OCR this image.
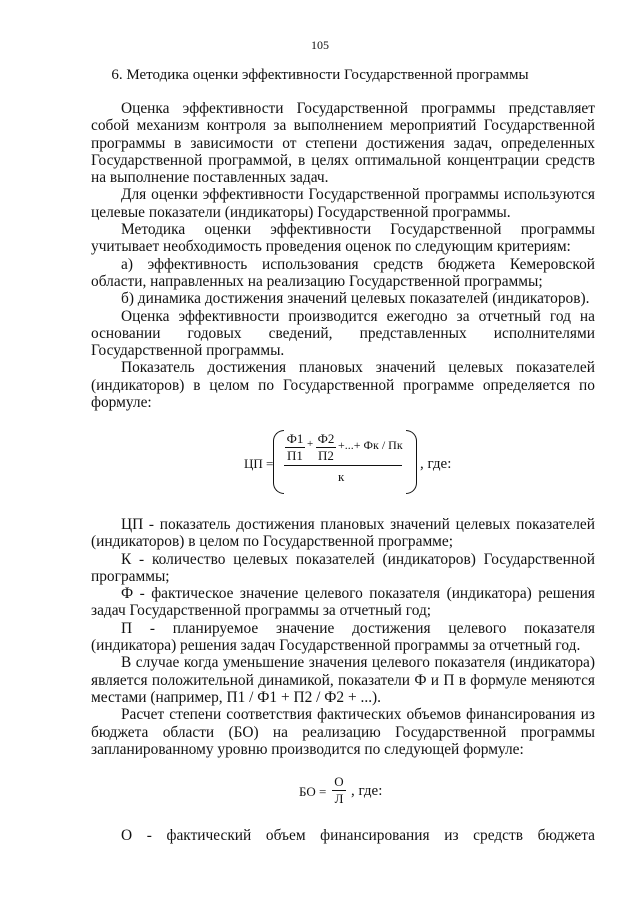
105
6. Методика оценки эффективности Государственной программы

Оценка эффективности Государственной программы представляет собой механизм контроля за выполнением мероприятий Государственной программы в зависимости от степени достижения задач, определенных Государственной программой, в целях оптимальной концентрации средств на выполнение поставленных задач.

Для оценки эффективности Государственной программы используются целевые показатели (индикаторы) Государственной программы.

Методика оценки эффективности Государственной программы учитывает необходимость проведения оценок по следующим критериям:

а) эффективность использования средств бюджета Кемеровской области, направленных на реализацию Государственной программы;

б) динамика достижения значений целевых показателей (индикаторов).

Оценка эффективности производится ежегодно за отчетный год на основании годовых сведений, представленных исполнителями Государственной программы.

Показатель достижения плановых значений целевых показателей (индикаторов) в целом по Государственной программе определяется по формуле:

ЦП =
Ф1
П1
+ Ф2
П2
+...+ Фк / Пк
к
, где:

ЦП - показатель достижения плановых значений целевых показателей (индикаторов) в целом по Государственной программе;

К - количество целевых показателей (индикаторов) Государственной программы;

Ф - фактическое значение целевого показателя (индикатора) решения задач Государственной программы за отчетный год;

П - планируемое значение достижения целевого показателя (индикатора) решения задач Государственной программы за отчетный год.

В случае когда уменьшение значения целевого показателя (индикатора) является положительной динамикой, показатели Ф и П в формуле меняются местами (например, П1 / Ф1 + П2 / Ф2 + ...).

Расчет степени соответствия фактических объемов финансирования из бюджета области (БО) на реализацию Государственной программы запланированному уровню производится по следующей формуле:

БО =
О
Л , где:
О - фактический объем финансирования из средств бюджета
